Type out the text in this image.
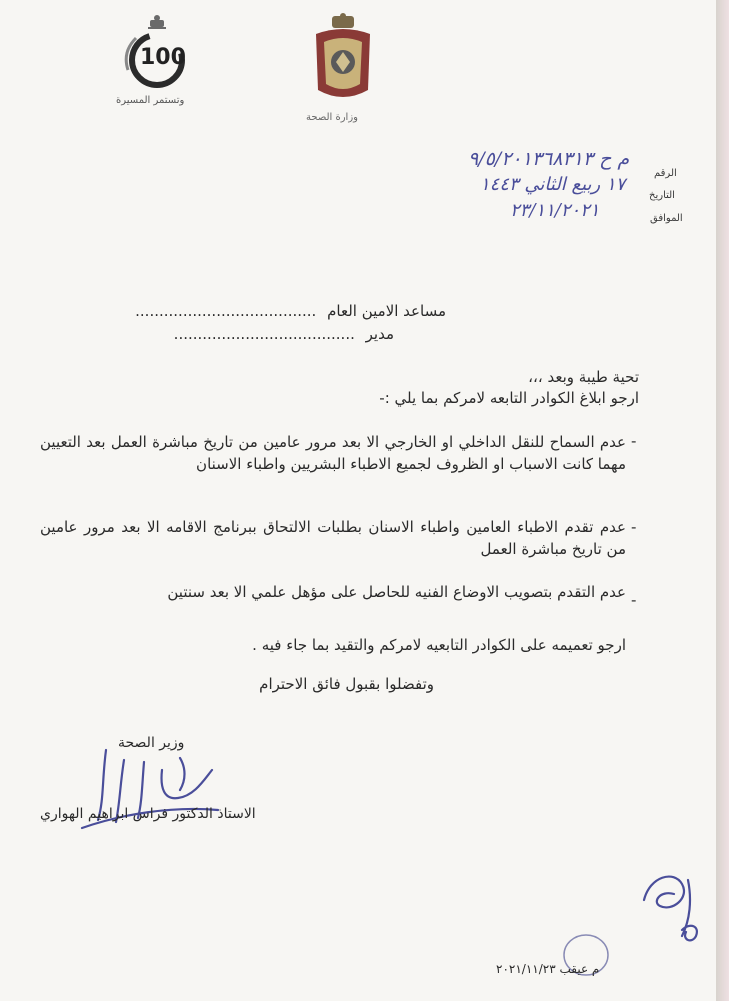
100
وتستمر المسيرة
وزارة الصحة
الرقم
م ح ٩/٥/٢٠١٣٦٨٣١٣
التاريخ
١٧ ربيع الثاني ١٤٤٣
الموافق
٢٣/١١/٢٠٢١
مساعد الامين العام ......................................
مدير ......................................
تحية طيبة وبعد ،،،
ارجو ابلاغ الكوادر التابعه لامركم بما يلي :-
-
عدم السماح للنقل الداخلي او الخارجي الا بعد مرور عامين من تاريخ مباشرة العمل بعد التعيين مهما كانت الاسباب او الظروف لجميع الاطباء البشريين واطباء الاسنان
-
عدم تقدم الاطباء العامين واطباء الاسنان بطلبات الالتحاق ببرنامج الاقامه الا بعد مرور عامين من تاريخ مباشرة العمل
-
عدم التقدم بتصويب الاوضاع الفنيه للحاصل على مؤهل علمي الا بعد سنتين
ارجو تعميمه على الكوادر التابعيه لامركم والتقيد بما جاء فيه .
وتفضلوا بقبول فائق الاحترام
وزير الصحة
الاستاذ الدكتور فراس ابراهيم الهواري
م عيقب ٢٠٢١/١١/٢٣
